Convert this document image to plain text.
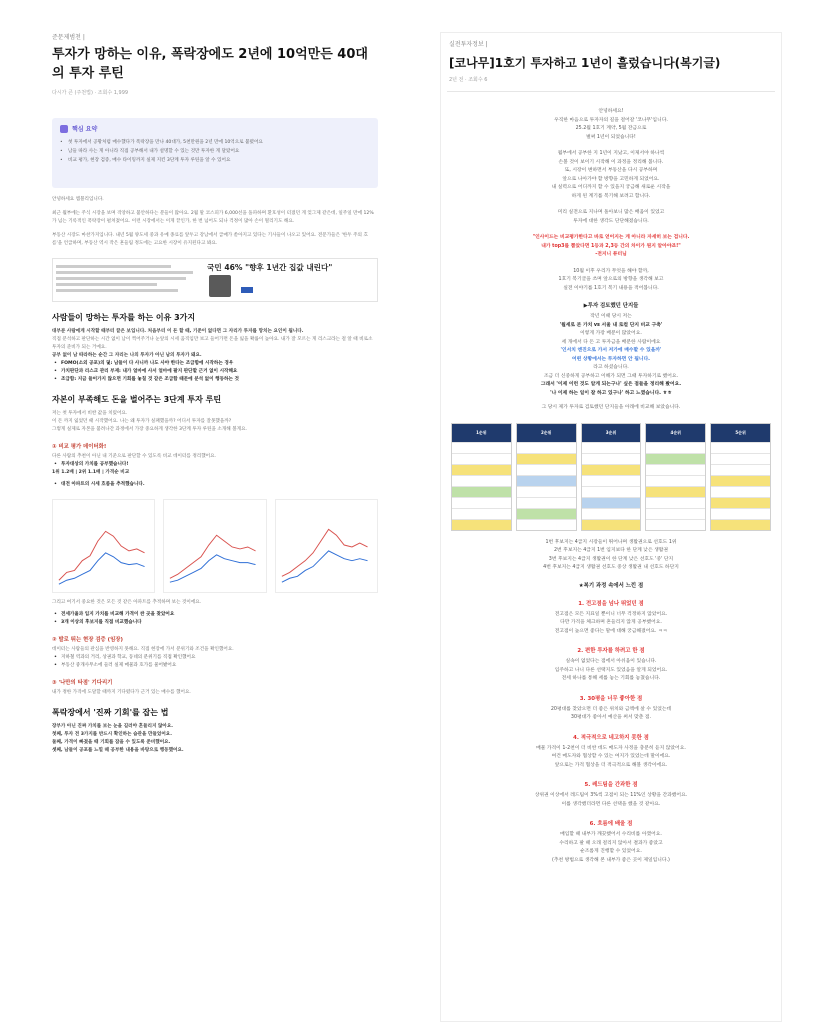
준문제범천 |
투자가 망하는 이유, 폭락장에도 2년에 10억만든 40대의 투자 루틴
다시가 큰 (주천법) · 조회수 1,999
핵심 요약
• 첫 투자에서 공황처럼 매수했다가 폭락장을 만나 40대가, 5천만원을 2년 만에 10억으로 불렸어요
• 남들 따라 사는 게 아니라 직접 공부해서 내가 설명할 수 있는 것만 투자한 게 달랐어요
• 비교 평가, 현장 검증, 매수 타이밍까지 실제 지킨 3단계 투자 루틴을 알 수 있어요
안녕하세요 엠블리입니다.
최근 월부에는 주식 시장을 보며 격앙하고 불안하다는 분들이 많아요. 2월 말 코스피가 6,000선을 돌파하며 환호성이 터졌던 게 엊그제 같은데, 일주일 만에 12%가 넘는 기록적인 폭락장이 펼쳐졌어요. 이런 시장에서는 이게 끝인가, 한 번 넘어도 되나 걱정이 많아 손이 떨리기도 해요.
부동산 시장도 마찬가지입니다. 내년 5월 양도세 중과 유예 종료를 앞두고 강남에서 급매가 쏟아지고 있다는 기사들이 나오고 있어요. 전문가들은 '한두 주의 흐름'을 언급하며, 부동산 역시 작은 흔들림 정도에는 고요한 시장이 유지된다고 봐요.
국민 46% "향후 1년간 집값 내린다"
사람들이 망하는 투자를 하는 이유 3가지
대부분 사람에게 시작할 때부터 끝은 보입니다. 처음부터 이 돈 할 때, 기준이 없다면 그 자리가 투자를 망치는 요인이 됩니다.
직접 분석하고 판단하는 시간 없이 남이 찍어주거나 눈앞의 시세 움직임만 보고 들어가면 돈을 잃을 확률이 높아요. 내가 잘 모르는 게 리스크라는 걸 알 때 비로소 투자의 준비가 되는 거예요.
공부 없이 남 따라하는 순간 그 자리는 나의 투자가 아닌 남의 투자가 돼요.
• FOMO(소외 공포)의 덫: 남들이 다 사니까 나도 사야 한다는 조급함에 시작하는 경우
• 가치판단과 리스크 관리 부재: 내가 얼마에 사서 얼마에 팔지 판단할 근거 없이 시작해요
• 조급함: 지금 들어가지 않으면 기회를 놓칠 것 같은 조급함 때문에 분석 없이 행동하는 것
자본이 부족해도 돈을 벌어주는 3단계 투자 루틴
저는 첫 투자에서 비싼 값을 치렀어요.
이 돈 까지 잃었던 때 시작했어요. 나는 왜 투자가 실패했을까? 어디서 투자를 잘못했을까?
그렇게 실제로 자본을 불려나간 과정에서 가장 중요하게 생각한 3단계 투자 루틴을 소개해 볼게요.
① 비교 평가 데이터화!
다른 사람의 추천이 아닌 내 기준으로 판단할 수 있도록 비교 데이터를 정리했어요.
• 투자대상의 가치를 공부했습니다!
1위 1.2배 | 2위 1.1배 | 가격순 비교
• 대전 아파트의 시세 흐름을 추적했습니다.
그리고 여기서 중요한 것은 모든 것 같은 아파트를 추적하며 보는 것이에요.
• 전세가율과 입지 가치를 비교해 가격이 싼 곳을 찾았어요
• 3개 이상의 후보지를 직접 비교했습니다
② 발로 뛰는 현장 검증 (임장)
데이터는 사람들의 관심을 반영하지 못해요. 직접 현장에 가서 분위기와 조건을 확인했어요.
• 지하철 역과의 거리, 상권과 학교, 동네의 분위기를 직접 확인했어요
• 부동산 중개사무소에 들러 실제 매물과 호가를 물어봤어요
③ '나만의 타점' 기다리기
내가 정한 가격에 도달할 때까지 기다렸다가 근거 있는 매수를 했어요.
폭락장에서 '진짜 기회'를 잡는 법
장부가 아닌 진짜 가치를 보는 눈을 길러야 흔들리지 않아요.
첫째, 투자 전 3가지를 반드시 확인하는 습관을 만들었어요.
둘째, 가격이 빠졌을 때 기회를 잡을 수 있도록 준비했어요.
셋째, 남들이 공포를 느낄 때 공부한 내용을 바탕으로 행동했어요.
실전투자정보 |
[코나무]1호기 투자하고 1년이 흘렀습니다(복기글)
2년 전 · 조회수 6
안녕하세요!
우직한 마음으로 투자자의 길을 걸어갈 '코나무'입니다.
25.2월 1호기 계약, 5월 잔금으로
벌써 1년이 되었습니다!
월부에서 공부한 지 1년이 지났고, 이제서야 하나씩
손볼 것이 보이기 시작해 이 과정을 정리해 봅니다.
또, 시장이 변하면서 부동산을 다시 공부하며
앞으로 나아가야 할 방향을 고민하게 되었어요.
내 실력으로 어디까지 할 수 있을지 궁금해 새로운 시작을
하게 된 계기를 복기해 보려고 합니다.
미리 실전으로 지나며 돌아보니 많은 배움이 있었고
투자에 대한 생각도 단단해졌습니다.
"인사이드는 비교평가한다고 바로 얻어지는 게 아니라 자세히 보는 겁니다.
내가 top3를 뽑았다면 1등과 2,3등 간의 차이가 뭔지 알아야죠!"
-전지니 튜터님
10월 이후 우리가 무엇을 해야 할까,
1호기 복기글을 쓰며 앞으로의 방향을 생각해 보고
실전 이야기를 1호기 복기 내용을 적어봅니다.
▶투자 검토했던 단지들
작년 이때 당시 저는
'월세로 본 가치 vs 서울 내 로컬 단지 비교 구축'
이렇게 가장 배분이 많았어요.
세 개에서 다 돈 고 투자금을 배분한 사람이에요
'인서치 엔진으로 가서 저가에 매수할 수 있을까'
어떤 상황에서는 투자하면 안 됩니다.
라고 하셨습니다.
조금 더 신중하게 공부하고 이해가 되면 그때 투자하기로 했어요.
그래서 '이제 이런 것도 알게 되는구나' 싶은 점들을 정리해 봤어요.
'나 이제 하는 일이 잘 하고 있구나' 하고 느꼈습니다. ㅎㅎ
그 당시 제가 투자로 검토했던 단지들을 아래에 비교해 보았습니다.
1순위	2순위	3순위	4순위	5순위
1번 후보지는 4급지 시장들이 뛰어나며 생활권으로 선호도 1위
2번 후보지는 4급지 1번 입지보다 한 단계 낮은 생활권
3번 후보지는 4급지 생활권이 한 단계 낮은 선호도 '중' 단지
4번 후보지는 4급지 생활권 선호도 중상 생활권 내 선호도 하단지
★복기 과정 속에서 느낀 점
1. 전고점을 넘나 뛰었던 점
전고점은 모든 지표일 뿐이니 너무 걱정하지 않았어요.
다만 가격을 체크하며 흔들리지 않게 공부했어요.
전고점이 높으면 좋다는 말에 대해 궁금해졌어요. ㅋㅋ
2. 편한 투자를 하려고 한 점
실속이 없었다는 점에서 아쉬움이 있습니다.
입주하고 나니 다른 선택지도 있었음을 알게 되었어요.
전세 하나를 통해 세를 놓는 기회를 놓쳤습니다.
3. 30평을 너무 좋아한 점
20평대를 찾았으면 더 좋은 위치와 금액에 살 수 있었는데
30평대가 좋아서 예산을 써서 맞춘 점.
4. 적극적으로 네고하지 못한 점
매물 가격이 1-2천이 더 비싼 데도 매도자 사정을 충분히 듣지 않았어요.
여건 매도자와 협상할 수 있는 여지가 있었는데 말이에요.
앞으로는 가격 협상을 더 적극적으로 해볼 생각이에요.
5. 레드팀을 간과한 점
상위권 이상에서 레드팀이 3%씩 고점이 되는 11%인 상황을 간과했어요.
이를 생각했더라면 다른 선택을 했을 것 같아요.
6. 흐름에 배울 점
매입할 때 내부가 깨끗했어서 수리비를 아꼈어요.
수리하고 팔 때 오래 걸리지 않아서 결과가 좋았고
순조롭게 진행할 수 있었어요.
(추천 방법으로 생각해 본 내부가 좋은 곳이 제일입니다.)
